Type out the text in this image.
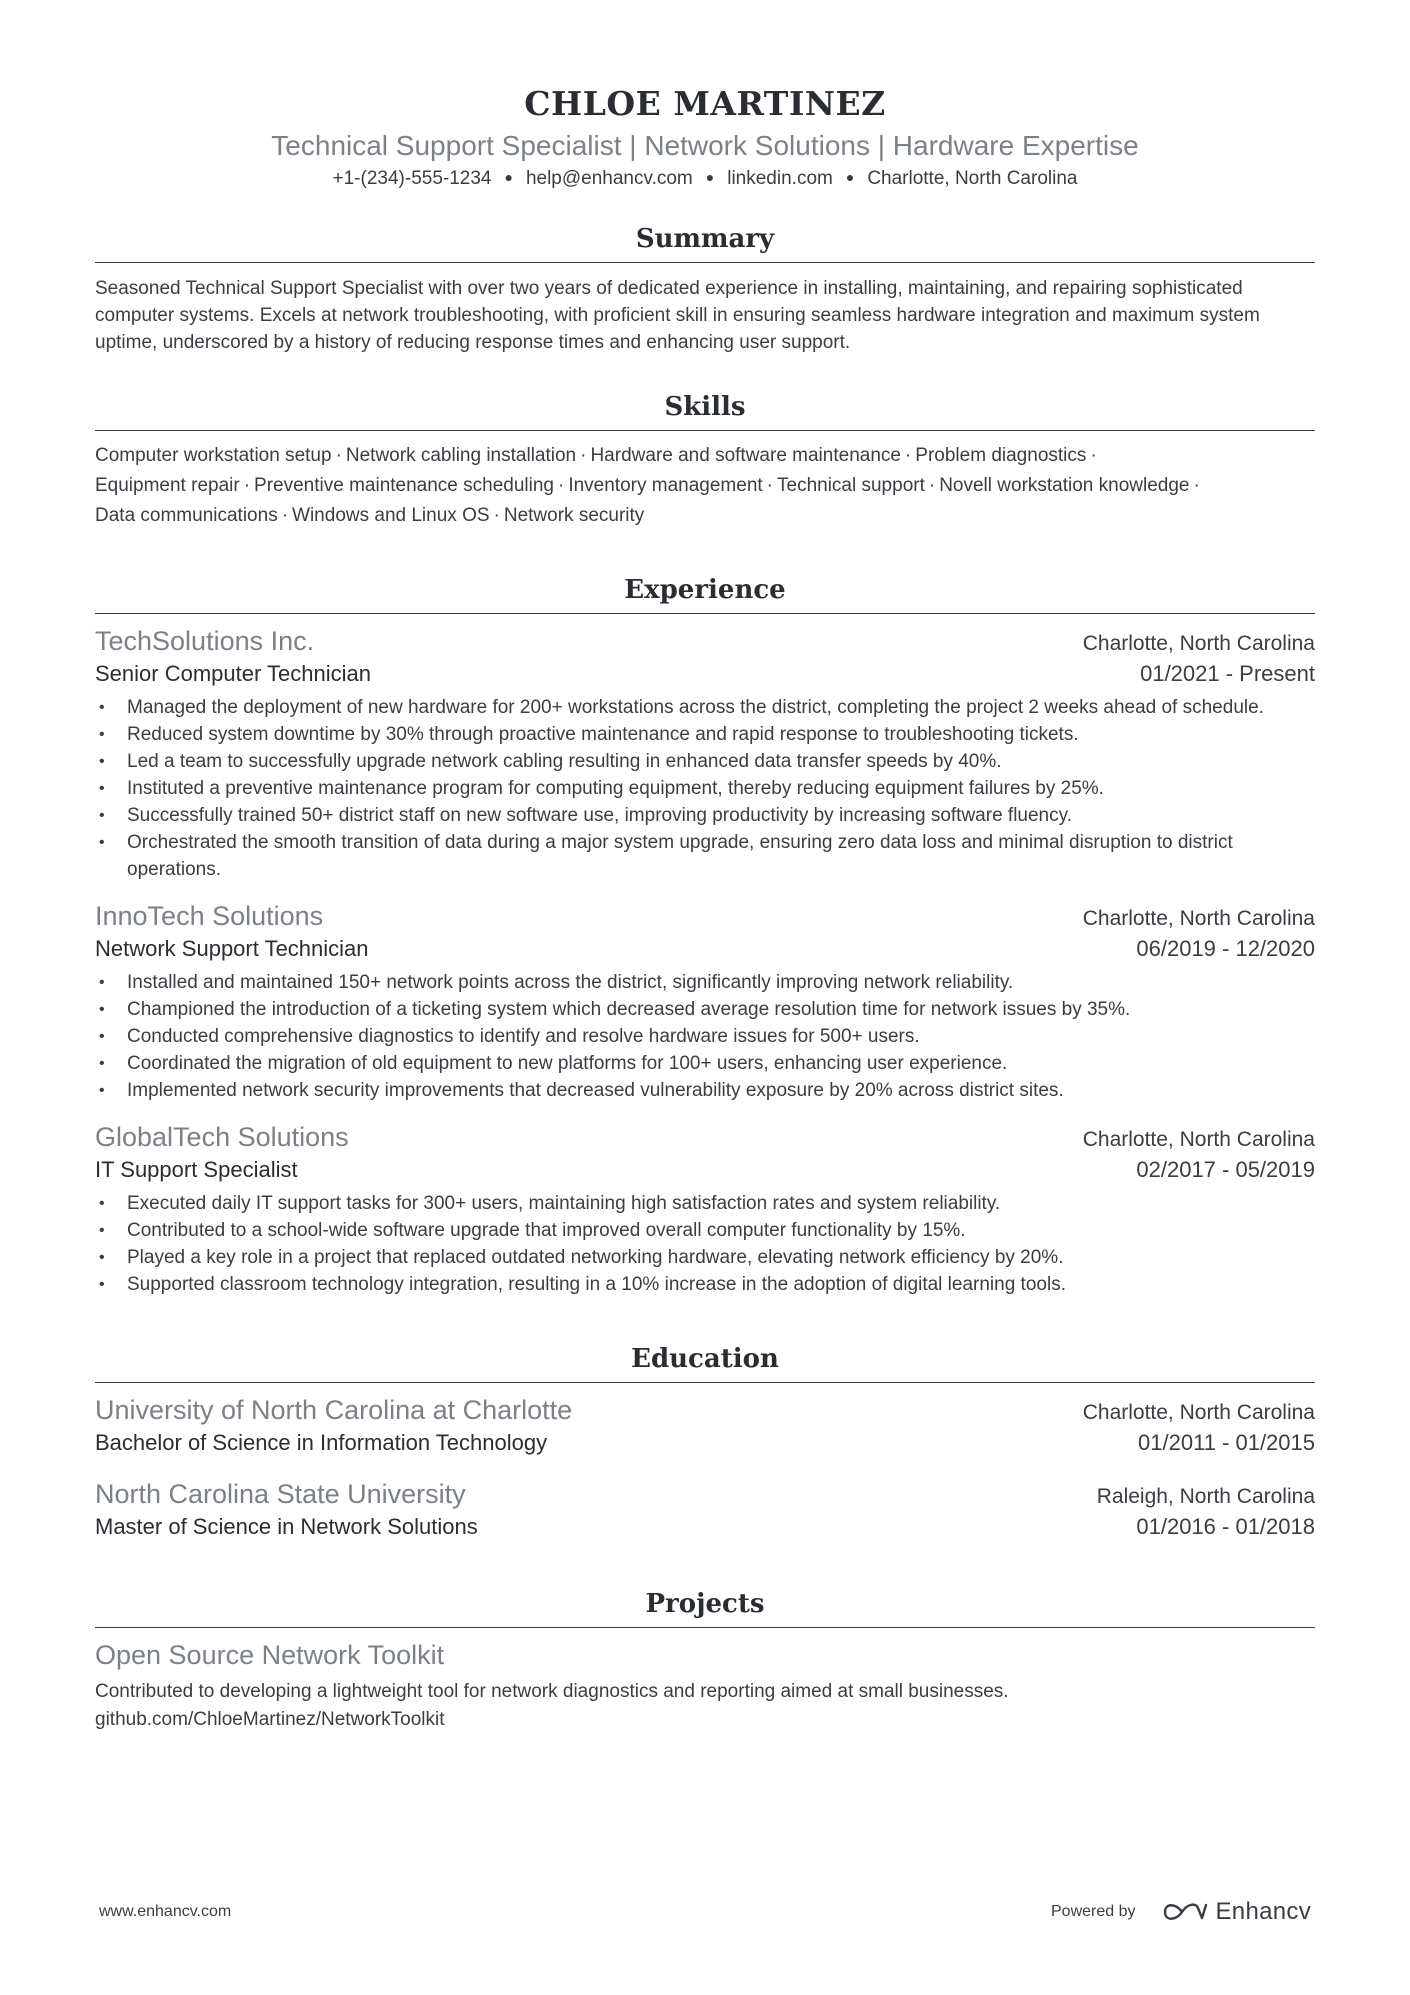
CHLOE MARTINEZ
Technical Support Specialist | Network Solutions | Hardware Expertise
+1-(234)-555-1234 ● help@enhancv.com ● linkedin.com ● Charlotte, North Carolina
Summary

Seasoned Technical Support Specialist with over two years of dedicated experience in installing, maintaining, and repairing sophisticated computer systems. Excels at network troubleshooting, with proficient skill in ensuring seamless hardware integration and maximum system uptime, underscored by a history of reducing response times and enhancing user support.

Skills
Computer workstation setup · Network cabling installation · Hardware and software maintenance · Problem diagnostics ·
Equipment repair · Preventive maintenance scheduling · Inventory management · Technical support · Novell workstation knowledge ·
Data communications · Windows and Linux OS · Network security
Experience
TechSolutions Inc.	Charlotte, North Carolina
Senior Computer Technician	01/2021 - Present
• Managed the deployment of new hardware for 200+ workstations across the district, completing the project 2 weeks ahead of schedule.
• Reduced system downtime by 30% through proactive maintenance and rapid response to troubleshooting tickets.
• Led a team to successfully upgrade network cabling resulting in enhanced data transfer speeds by 40%.
• Instituted a preventive maintenance program for computing equipment, thereby reducing equipment failures by 25%.
• Successfully trained 50+ district staff on new software use, improving productivity by increasing software fluency.
• Orchestrated the smooth transition of data during a major system upgrade, ensuring zero data loss and minimal disruption to district operations.
InnoTech Solutions	Charlotte, North Carolina
Network Support Technician	06/2019 - 12/2020
• Installed and maintained 150+ network points across the district, significantly improving network reliability.
• Championed the introduction of a ticketing system which decreased average resolution time for network issues by 35%.
• Conducted comprehensive diagnostics to identify and resolve hardware issues for 500+ users.
• Coordinated the migration of old equipment to new platforms for 100+ users, enhancing user experience.
• Implemented network security improvements that decreased vulnerability exposure by 20% across district sites.
GlobalTech Solutions	Charlotte, North Carolina
IT Support Specialist	02/2017 - 05/2019
• Executed daily IT support tasks for 300+ users, maintaining high satisfaction rates and system reliability.
• Contributed to a school-wide software upgrade that improved overall computer functionality by 15%.
• Played a key role in a project that replaced outdated networking hardware, elevating network efficiency by 20%.
• Supported classroom technology integration, resulting in a 10% increase in the adoption of digital learning tools.
Education
University of North Carolina at Charlotte	Charlotte, North Carolina
Bachelor of Science in Information Technology	01/2011 - 01/2015
North Carolina State University	Raleigh, North Carolina
Master of Science in Network Solutions	01/2016 - 01/2018
Projects
Open Source Network Toolkit
Contributed to developing a lightweight tool for network diagnostics and reporting aimed at small businesses.
github.com/ChloeMartinez/NetworkToolkit
www.enhancv.com	Powered by	Enhancv
